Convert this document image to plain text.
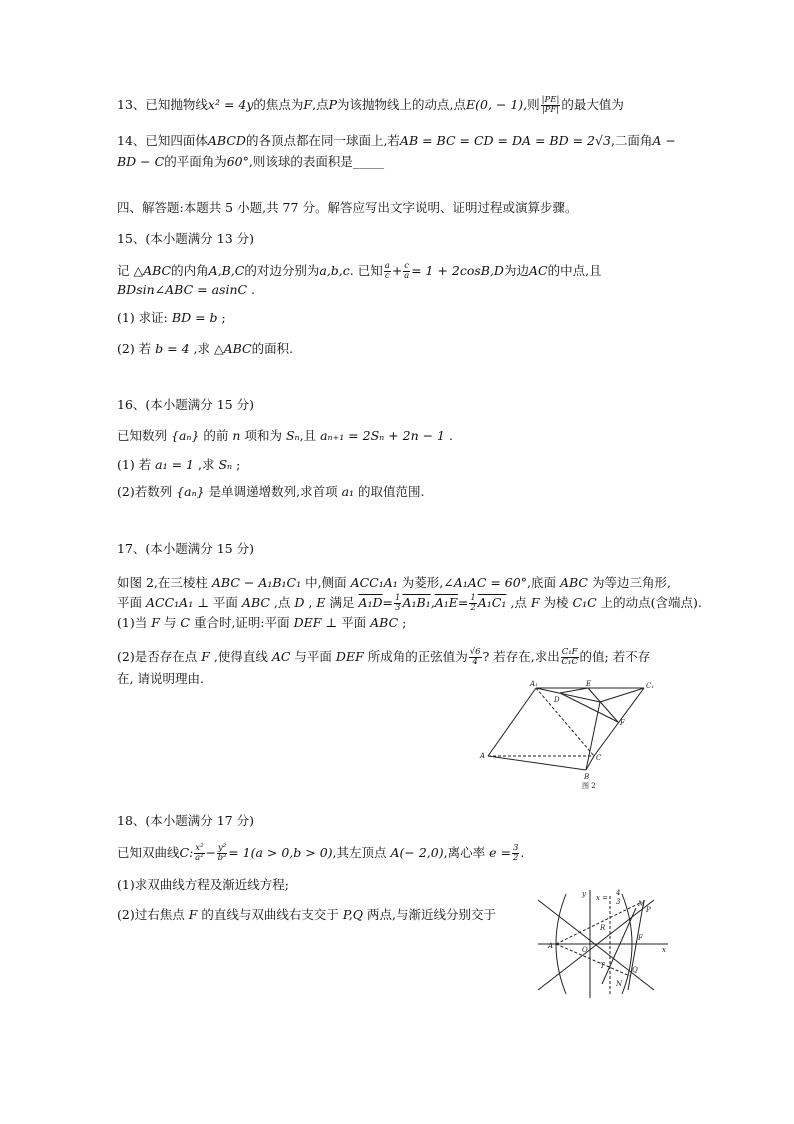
13、已知抛物线x² = 4y的焦点为F,点P为该抛物线上的动点,点E(0, − 1),则 $\frac{|PE|}{|PF|}$ 的最大值为
14、已知四面体ABCD的各顶点都在同一球面上,若AB = BC = CD = DA = BD = 2√3,二面角A −
BD − C的平面角为60°,则该球的表面积是_____
四、解答题:本题共 5 小题,共 77 分。解答应写出文字说明、证明过程或演算步骤。
15、(本小题满分 13 分)
记 △ABC的内角A,B,C的对边分别为a,b,c. 已知 $\frac{a}{c} + \frac{c}{a} = 1 + 2\cos B,D$为边AC的中点,且
BDsin∠ABC = asinC .
(1) 求证: BD = b ;
(2) 若 b = 4 ,求 △ABC的面积.
16、(本小题满分 15 分)
已知数列 {aₙ} 的前 n 项和为 Sₙ,且 aₙ₊₁ = 2Sₙ + 2n − 1 .
(1) 若 a₁ = 1 ,求 Sₙ ;
(2)若数列 {aₙ} 是单调递增数列,求首项 a₁ 的取值范围.
17、(本小题满分 15 分)
如图 2,在三棱柱 ABC − A₁B₁C₁ 中,侧面 ACC₁A₁ 为菱形,∠A₁AC = 60°,底面 ABC 为等边三角形,
平面 ACC₁A₁ ⊥ 平面 ABC ,点 D , E 满足 $A_1D= \frac{1}{3} A_1B_1,A_1E= \frac{1}{2} A_1C_1$ ,点 F 为棱 C₁C 上的动点(含端点).
(1)当 F 与 C 重合时,证明:平面 DEF ⊥ 平面 ABC ;
(2)是否存在点 F ,使得直线 AC 与平面 DEF 所成角的正弦值为 $\frac{√6}{4}$ ? 若存在,求出 $\frac{\text{C₁F}}{\text{C₁C}}$ 的值; 若不存
在, 请说明理由.	A₁	E	C₁
D
F
A	C
B
图 2
18、(本小题满分 17 分)
已知双曲线C: $\frac{\text{x²}}{\text{a²}} - \frac{\text{y²}}{\text{b²}} = 1(a > 0,b > 0)$,其左顶点 A(− 2,0),离心率 $e = \frac{3}{2}$ .
(1)求双曲线方程及渐近线方程;
(2)过右焦点 F 的直线与双曲线右支交于 P,Q 两点,与渐近线分别交于
y x =
4
3	M
P
R
A	O
F
x
T	Q
N
